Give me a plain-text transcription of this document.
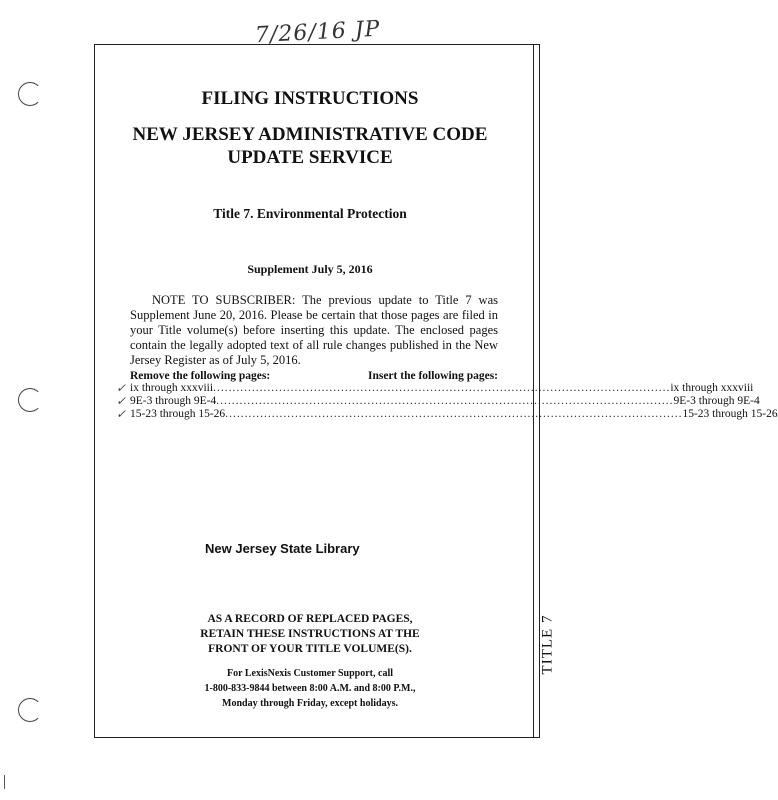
7/26/16 JP
TITLE 7
FILING INSTRUCTIONS
NEW JERSEY ADMINISTRATIVE CODE
UPDATE SERVICE
Title 7. Environmental Protection
Supplement July 5, 2016
NOTE TO SUBSCRIBER: The previous update to Title 7 was Supplement June 20, 2016. Please be certain that those pages are filed in your Title volume(s) before inserting this update. The enclosed pages contain the legally adopted text of all rule changes published in the New Jersey Register as of July 5, 2016.
Remove the following pages:	Insert the following pages:
✓ ix through xxxviii ...................................................................................................................... ix through xxxviii
✓ 9E-3 through 9E-4 ...................................................................................................................... 9E-3 through 9E-4
✓ 15-23 through 15-26 ...................................................................................................................... 15-23 through 15-26
New Jersey State Library
AS A RECORD OF REPLACED PAGES,
RETAIN THESE INSTRUCTIONS AT THE
FRONT OF YOUR TITLE VOLUME(S).
For LexisNexis Customer Support, call
1-800-833-9844 between 8:00 A.M. and 8:00 P.M.,
Monday through Friday, except holidays.
